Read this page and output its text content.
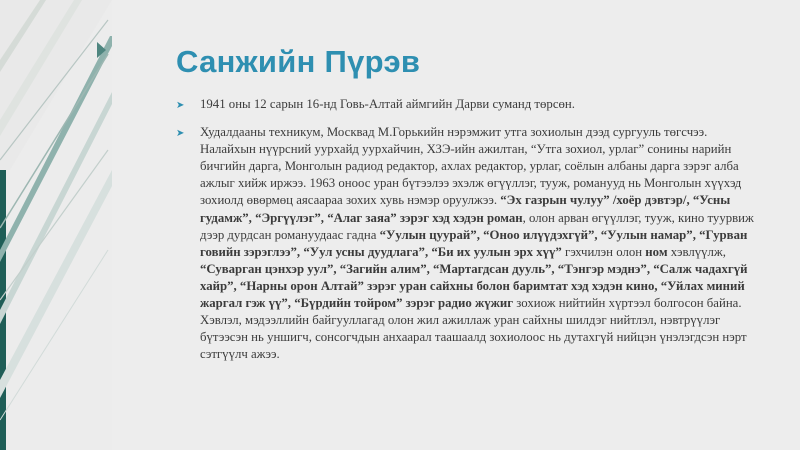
Санжийн Пүрэв
➤ 1941 оны 12 сарын 16-нд Говь-Алтай аймгийн Дарви суманд төрсөн.
➤ Худалдааны техникум, Москвад М.Горькийн нэрэмжит утга зохиолын дээд сургууль төгсчээ. Налайхын нүүрсний уурхайд уурхайчин, ХЗЭ-ийн ажилтан, “Утга зохиол, урлаг” сонины нарийн бичгийн дарга, Монголын радиод редактор, ахлах редактор, урлаг, соёлын албаны дарга зэрэг алба ажлыг хийж иржээ. 1963 оноос уран бүтээлээ эхэлж өгүүллэг, тууж, романууд нь Монголын хүүхэд зохиолд өвөрмөц аясаараа зохих хувь нэмэр оруулжээ. “Эх газрын чулуу” /хоёр дэвтэр/, “Усны гудамж”, “Эргүүлэг”, “Алаг заяа” зэрэг хэд хэдэн роман, олон арван өгүүллэг, тууж, кино туурвиж дээр дурдсан романуудаас гадна “Уулын цуурай”, “Оноо илүүдэхгүй”, “Уулын намар”, “Гурван говийн зэрэглээ”, “Уул усны дуудлага”, “Би их уулын эрх хүү” гэхчилэн олон ном хэвлүүлж, “Суварган цэнхэр уул”, “Загийн алим”, “Мартагдсан дууль”, “Тэнгэр мэднэ”, “Салж чадахгүй хайр”, “Нарны орон Алтай” зэрэг уран сайхны болон баримтат хэд хэдэн кино, “Уйлах миний жаргал гэж үү”, “Бүрдийн тойром” зэрэг радио жүжиг зохиож нийтийн хүртээл болгосон байна. Хэвлэл, мэдээллийн байгууллагад олон жил ажиллаж уран сайхны шилдэг нийтлэл, нэвтрүүлэг бүтээсэн нь уншигч, сонсогчдын анхаарал таашаалд зохиолоос нь дутахгүй нийцэн үнэлэгдсэн нэрт сэтгүүлч ажээ.
